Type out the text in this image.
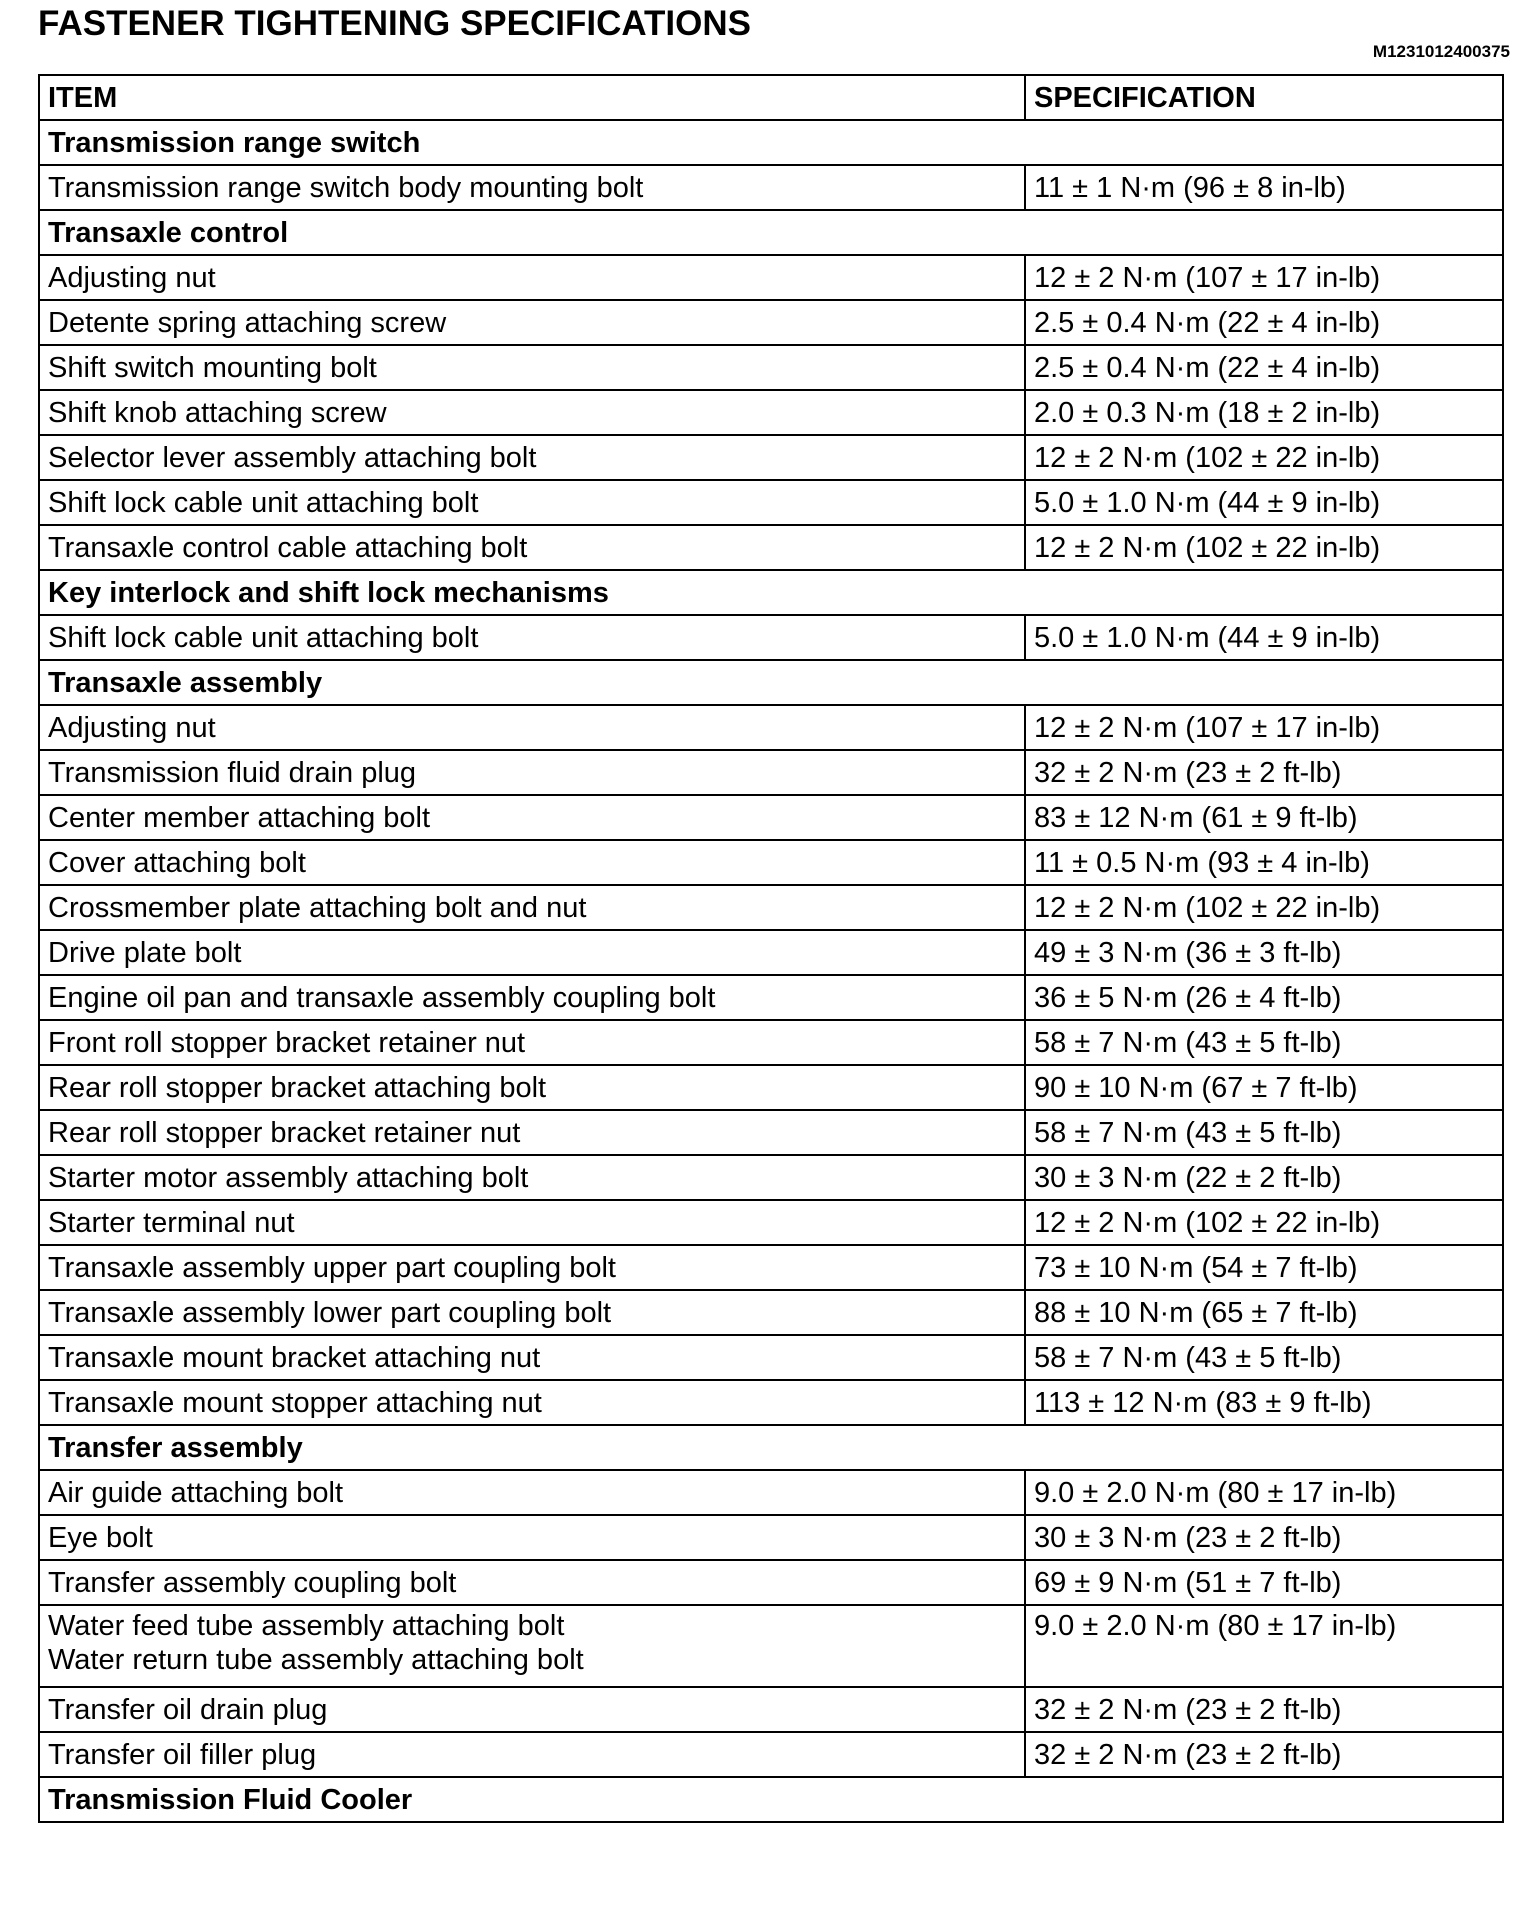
FASTENER TIGHTENING SPECIFICATIONS
M1231012400375
ITEM	SPECIFICATION
Transmission range switch	

Transmission range switch body mounting bolt	11 ± 1 N·m (96 ± 8 in-lb)
Transaxle control	

Adjusting nut	12 ± 2 N·m (107 ± 17 in-lb)

Detente spring attaching screw	2.5 ± 0.4 N·m (22 ± 4 in-lb)

Shift switch mounting bolt	2.5 ± 0.4 N·m (22 ± 4 in-lb)

Shift knob attaching screw	2.0 ± 0.3 N·m (18 ± 2 in-lb)

Selector lever assembly attaching bolt	12 ± 2 N·m (102 ± 22 in-lb)

Shift lock cable unit attaching bolt	5.0 ± 1.0 N·m (44 ± 9 in-lb)

Transaxle control cable attaching bolt	12 ± 2 N·m (102 ± 22 in-lb)
Key interlock and shift lock mechanisms	

Shift lock cable unit attaching bolt	5.0 ± 1.0 N·m (44 ± 9 in-lb)
Transaxle assembly	

Adjusting nut	12 ± 2 N·m (107 ± 17 in-lb)

Transmission fluid drain plug	32 ± 2 N·m (23 ± 2 ft-lb)

Center member attaching bolt	83 ± 12 N·m (61 ± 9 ft-lb)

Cover attaching bolt	11 ± 0.5 N·m (93 ± 4 in-lb)

Crossmember plate attaching bolt and nut	12 ± 2 N·m (102 ± 22 in-lb)

Drive plate bolt	49 ± 3 N·m (36 ± 3 ft-lb)

Engine oil pan and transaxle assembly coupling bolt	36 ± 5 N·m (26 ± 4 ft-lb)

Front roll stopper bracket retainer nut	58 ± 7 N·m (43 ± 5 ft-lb)

Rear roll stopper bracket attaching bolt	90 ± 10 N·m (67 ± 7 ft-lb)

Rear roll stopper bracket retainer nut	58 ± 7 N·m (43 ± 5 ft-lb)

Starter motor assembly attaching bolt	30 ± 3 N·m (22 ± 2 ft-lb)

Starter terminal nut	12 ± 2 N·m (102 ± 22 in-lb)

Transaxle assembly upper part coupling bolt	73 ± 10 N·m (54 ± 7 ft-lb)

Transaxle assembly lower part coupling bolt	88 ± 10 N·m (65 ± 7 ft-lb)

Transaxle mount bracket attaching nut	58 ± 7 N·m (43 ± 5 ft-lb)

Transaxle mount stopper attaching nut	113 ± 12 N·m (83 ± 9 ft-lb)
Transfer assembly	

Air guide attaching bolt	9.0 ± 2.0 N·m (80 ± 17 in-lb)

Eye bolt	30 ± 3 N·m (23 ± 2 ft-lb)

Transfer assembly coupling bolt	69 ± 9 N·m (51 ± 7 ft-lb)

Water feed tube assembly attaching bolt
Water return tube assembly attaching bolt	9.0 ± 2.0 N·m (80 ± 17 in-lb)

Transfer oil drain plug	32 ± 2 N·m (23 ± 2 ft-lb)

Transfer oil filler plug	32 ± 2 N·m (23 ± 2 ft-lb)
Transmission Fluid Cooler	
